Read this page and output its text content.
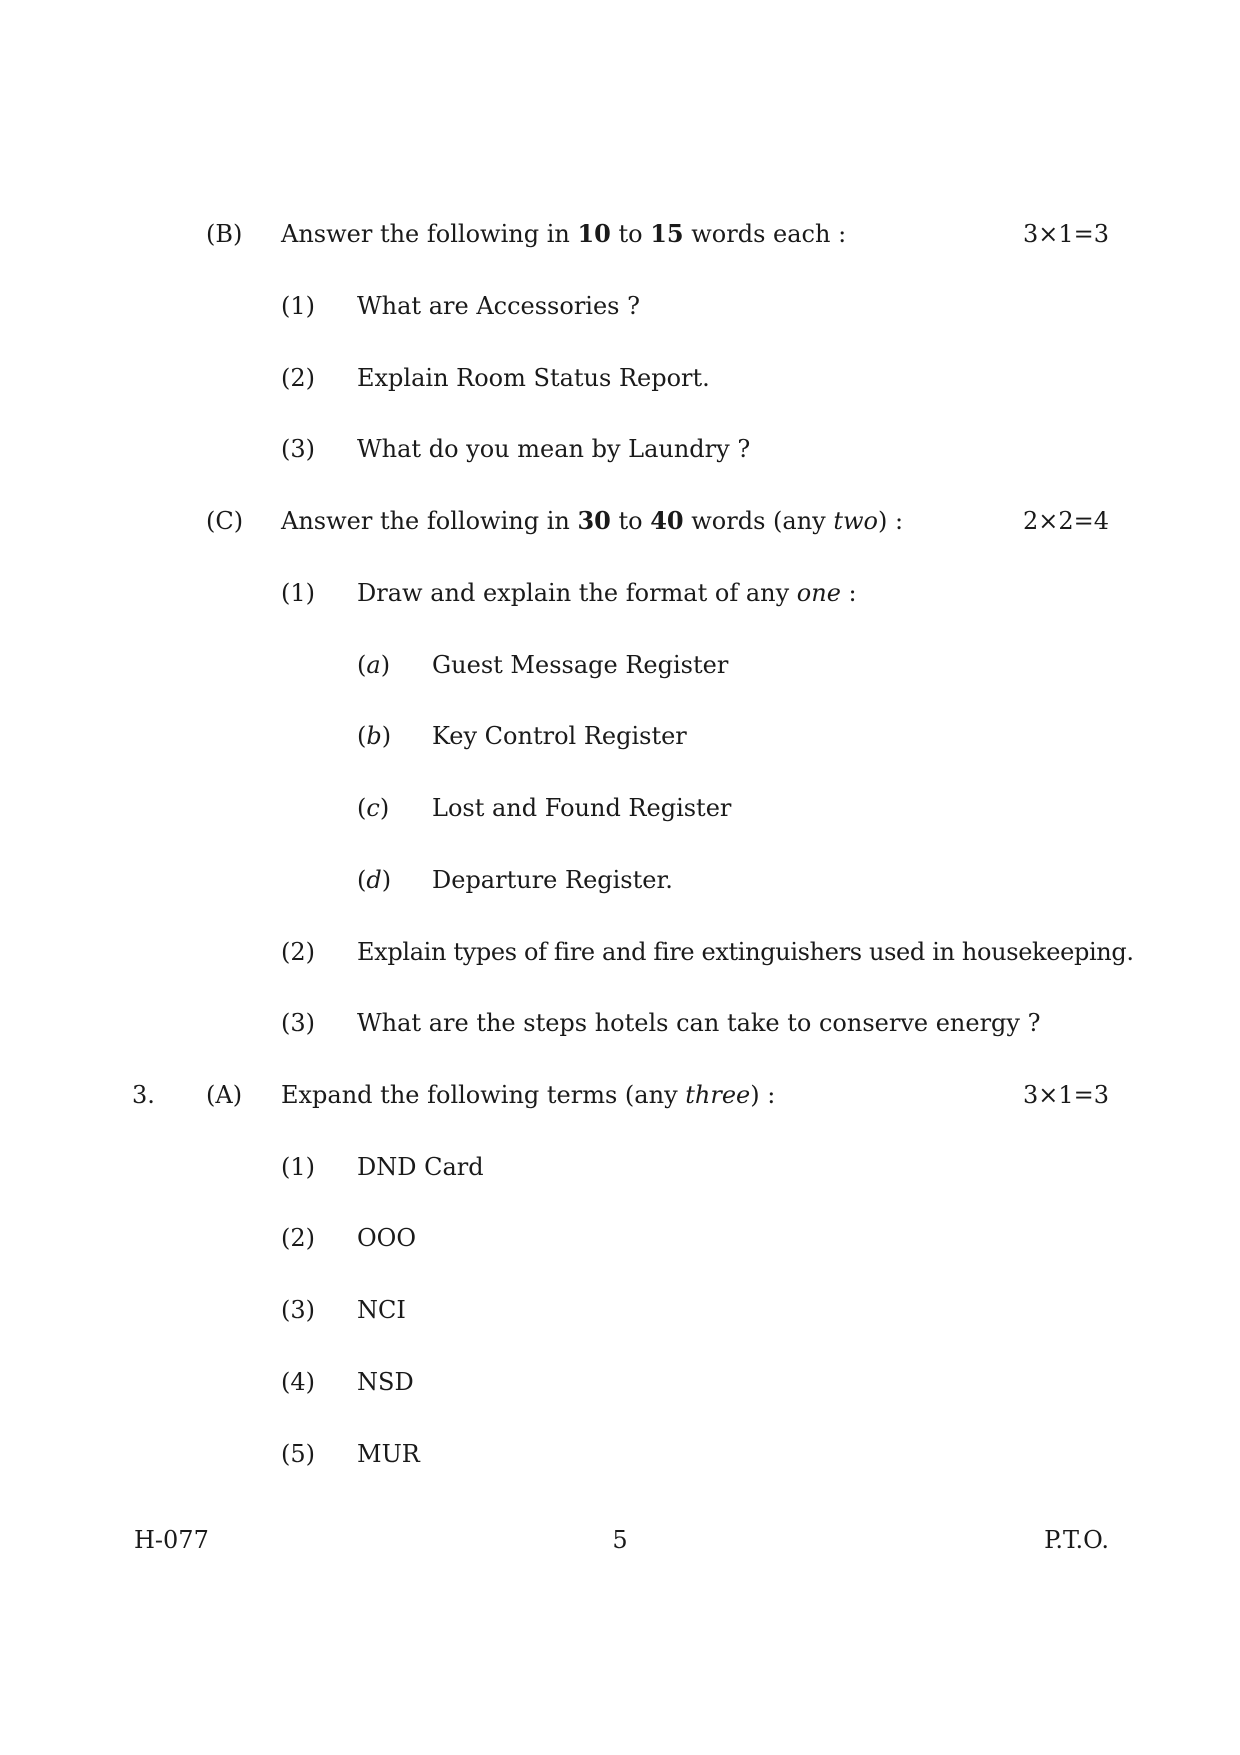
(B) Answer the following in 10 to 15 words each :	3×1=3
(1) What are Accessories ?
(2) Explain Room Status Report.
(3) What do you mean by Laundry ?
(C) Answer the following in 30 to 40 words (any two) :	2×2=4
(1) Draw and explain the format of any one :
(a) Guest Message Register
(b) Key Control Register
(c) Lost and Found Register
(d) Departure Register.
(2) Explain types of fire and fire extinguishers used in housekeeping.
(3) What are the steps hotels can take to conserve energy ?
3. (A) Expand the following terms (any three) :	3×1=3
(1) DND Card
(2) OOO
(3) NCI
(4) NSD
(5) MUR
H-077	5	P.T.O.
